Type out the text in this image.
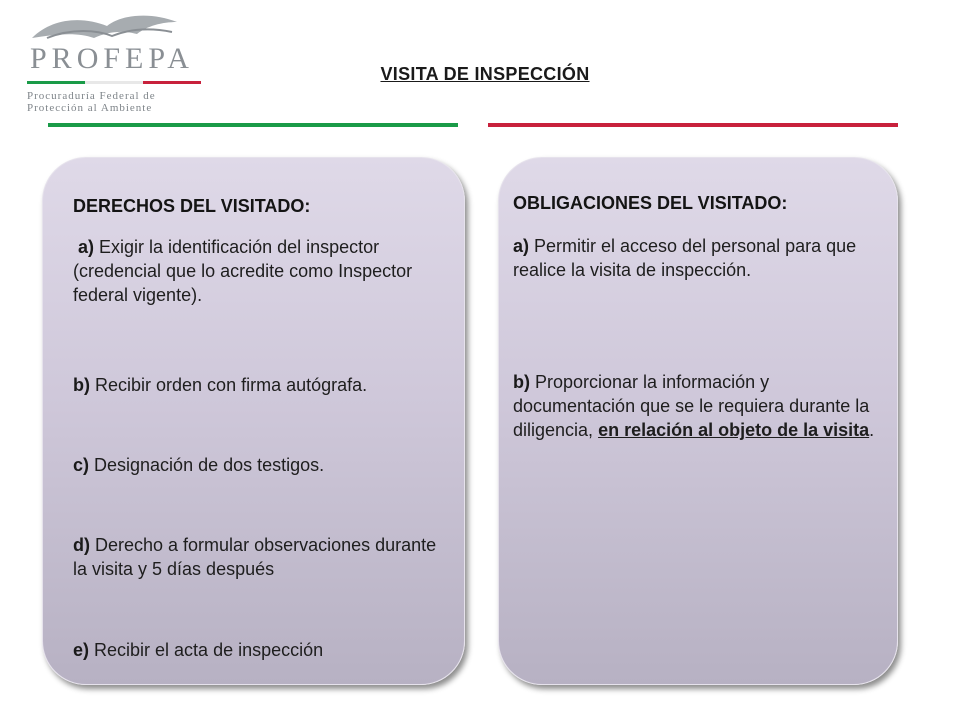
PROFEPA
Procuraduría Federal de
Protección al Ambiente
VISITA DE INSPECCIÓN
DERECHOS DEL VISITADO:
a) Exigir la identificación del inspector (credencial que lo acredite como Inspector federal vigente).
b) Recibir orden con firma autógrafa.
c) Designación de dos testigos.
d) Derecho a formular observaciones durante la visita y 5 días después
e) Recibir el acta de inspección
OBLIGACIONES DEL VISITADO:
a) Permitir el acceso del personal para que realice la visita de inspección.
b) Proporcionar la información y documentación que se le requiera durante la diligencia, en relación al objeto de la visita.
